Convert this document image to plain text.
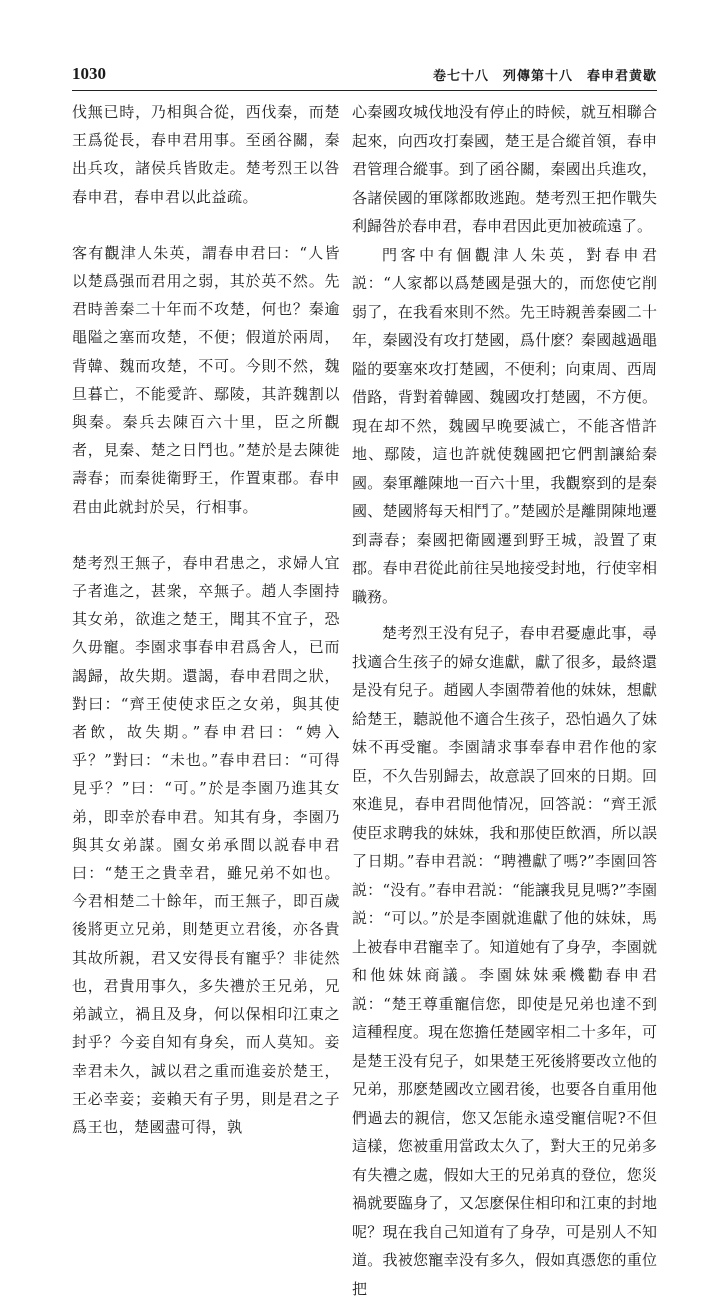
1030	卷七十八　列傳第十八　春申君黄歇

伐無已時，乃相與合從，西伐秦，而楚王爲從長，春申君用事。至函谷關，秦出兵攻，諸侯兵皆敗走。楚考烈王以咎春申君，春申君以此益疏。

客有觀津人朱英，謂春申君曰：“人皆以楚爲强而君用之弱，其於英不然。先君時善秦二十年而不攻楚，何也？秦逾黽隘之塞而攻楚，不便；假道於兩周，背韓、魏而攻楚，不可。今則不然，魏旦暮亡，不能愛許、鄢陵，其許魏割以與秦。秦兵去陳百六十里，臣之所觀者，見秦、楚之日鬥也。”楚於是去陳徙壽春；而秦徙衛野王，作置東郡。春申君由此就封於吴，行相事。

楚考烈王無子，春申君患之，求婦人宜子者進之，甚衆，卒無子。趙人李園持其女弟，欲進之楚王，聞其不宜子，恐久毋寵。李園求事春申君爲舍人，已而謁歸，故失期。還謁，春申君問之狀，對曰：“齊王使使求臣之女弟，與其使者飲，故失期。”春申君曰：“娉入乎？”對曰：“未也。”春申君曰：“可得見乎？”曰：“可。”於是李園乃進其女弟，即幸於春申君。知其有身，李園乃與其女弟謀。園女弟承間以説春申君曰：“楚王之貴幸君，雖兄弟不如也。今君相楚二十餘年，而王無子，即百歲後將更立兄弟，則楚更立君後，亦各貴其故所親，君又安得長有寵乎？非徒然也，君貴用事久，多失禮於王兄弟，兄弟誠立，禍且及身，何以保相印江東之封乎？今妾自知有身矣，而人莫知。妾幸君未久，誠以君之重而進妾於楚王，王必幸妾；妾賴天有子男，則是君之子爲王也，楚國盡可得，孰

心秦國攻城伐地没有停止的時候，就互相聯合起來，向西攻打秦國，楚王是合縱首領，春申君管理合縱事。到了函谷關，秦國出兵進攻，各諸侯國的軍隊都敗逃跑。楚考烈王把作戰失利歸咎於春申君，春申君因此更加被疏遠了。

門客中有個觀津人朱英，對春申君説：“人家都以爲楚國是强大的，而您使它削弱了，在我看來則不然。先王時親善秦國二十年，秦國没有攻打楚國，爲什麽？秦國越過黽隘的要塞來攻打楚國，不便利；向東周、西周借路，背對着韓國、魏國攻打楚國，不方便。現在却不然，魏國早晚要滅亡，不能吝惜許地、鄢陵，這也許就使魏國把它們割讓給秦國。秦軍離陳地一百六十里，我觀察到的是秦國、楚國將每天相鬥了。”楚國於是離開陳地遷到壽春；秦國把衛國遷到野王城，設置了東郡。春申君從此前往吴地接受封地，行使宰相職務。

楚考烈王没有兒子，春申君憂慮此事，尋找適合生孩子的婦女進獻，獻了很多，最終還是没有兒子。趙國人李園帶着他的妹妹，想獻給楚王，聽説他不適合生孩子，恐怕過久了妹妹不再受寵。李園請求事奉春申君作他的家臣，不久告别歸去，故意誤了回來的日期。回來進見，春申君問他情况，回答説：“齊王派使臣求聘我的妹妹，我和那使臣飲酒，所以誤了日期。”春申君説：“聘禮獻了嗎?”李園回答説：“没有。”春申君説：“能讓我見見嗎?”李園説：“可以。”於是李園就進獻了他的妹妹，馬上被春申君寵幸了。知道她有了身孕，李園就和他妹妹商議。李園妹妹乘機勸春申君説：“楚王尊重寵信您，即使是兄弟也達不到這種程度。現在您擔任楚國宰相二十多年，可是楚王没有兒子，如果楚王死後將要改立他的兄弟，那麽楚國改立國君後，也要各自重用他們過去的親信，您又怎能永遠受寵信呢?不但這樣，您被重用當政太久了，對大王的兄弟多有失禮之處，假如大王的兄弟真的登位，您災禍就要臨身了，又怎麽保住相印和江東的封地呢？現在我自己知道有了身孕，可是别人不知道。我被您寵幸没有多久，假如真憑您的重位把
